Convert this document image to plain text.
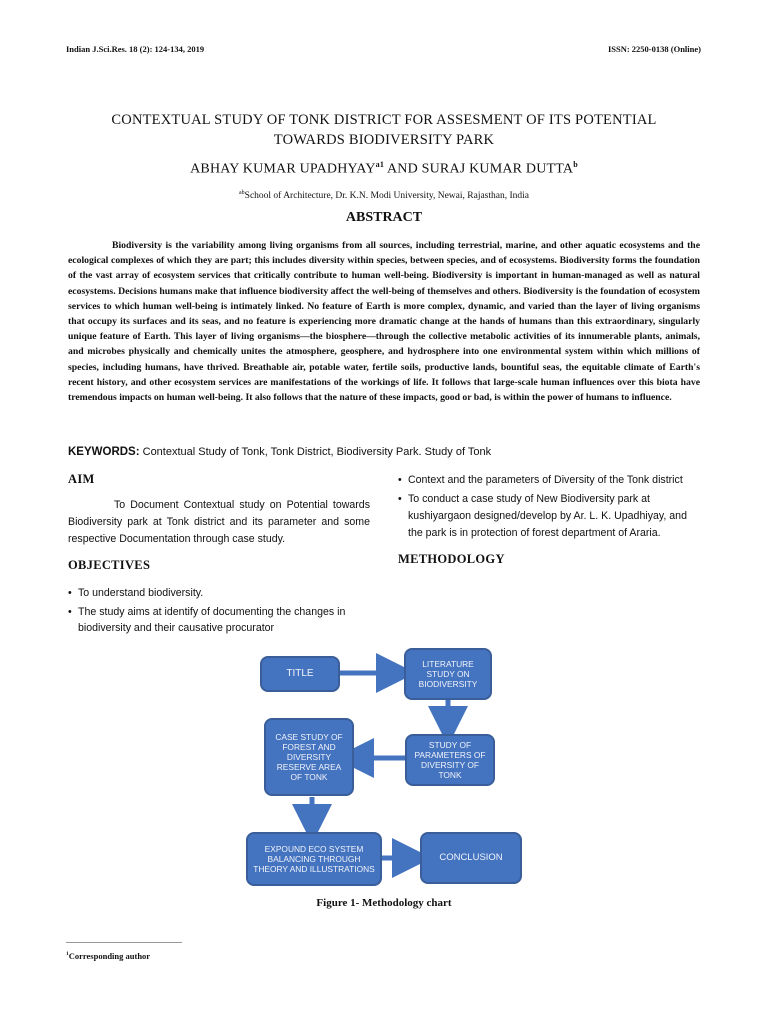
Indian J.Sci.Res. 18 (2): 124-134, 2019	ISSN: 2250-0138 (Online)
CONTEXTUAL STUDY OF TONK DISTRICT FOR ASSESMENT OF ITS POTENTIAL
TOWARDS BIODIVERSITY PARK
ABHAY KUMAR $UPADHYAY^{a1}$ AND SURAJ KUMAR DUTTA$^b$
$^{ab}$School of Architecture, Dr. K.N. Modi University, Newai, Rajasthan, India
ABSTRACT

Biodiversity is the variability among living organisms from all sources, including terrestrial, marine, and other aquatic ecosystems and the ecological complexes of which they are part; this includes diversity within species, between species, and of ecosystems. Biodiversity forms the foundation of the vast array of ecosystem services that critically contribute to human well-being. Biodiversity is important in human-managed as well as natural ecosystems. Decisions humans make that influence biodiversity affect the well-being of themselves and others. Biodiversity is the foundation of ecosystem services to which human well-being is intimately linked. No feature of Earth is more complex, dynamic, and varied than the layer of living organisms that occupy its surfaces and its seas, and no feature is experiencing more dramatic change at the hands of humans than this extraordinary, singularly unique feature of Earth. This layer of living organisms—the biosphere—through the collective metabolic activities of its innumerable plants, animals, and microbes physically and chemically unites the atmosphere, geosphere, and hydrosphere into one environmental system within which millions of species, including humans, have thrived. Breathable air, potable water, fertile soils, productive lands, bountiful seas, the equitable climate of Earth's recent history, and other ecosystem services are manifestations of the workings of life. It follows that large-scale human influences over this biota have tremendous impacts on human well-being. It also follows that the nature of these impacts, good or bad, is within the power of humans to influence.

KEYWORDS: Contextual Study of Tonk, Tonk District, Biodiversity Park. Study of Tonk
AIM

To Document Contextual study on Potential towards Biodiversity park at Tonk district and its parameter and some respective Documentation through case study.

OBJECTIVES
• To understand biodiversity.
• The study aims at identify of documenting the changes in biodiversity and their causative procurator
• Context and the parameters of Diversity of the Tonk district
• To conduct a case study of New Biodiversity park at kushiyargaon designed/develop by Ar. L. K. Upadhiyay, and the park is in protection of forest department of Araria.
METHODOLOGY
TITLE
LITERATURE STUDY ON BIODIVERSITY
CASE STUDY OF FOREST AND DIVERSITY RESERVE AREA OF TONK
STUDY OF PARAMETERS OF DIVERSITY OF TONK
EXPOUND ECO SYSTEM BALANCING THROUGH THEORY AND ILLUSTRATIONS
CONCLUSION
Figure 1- Methodology chart
$^1$Corresponding author
